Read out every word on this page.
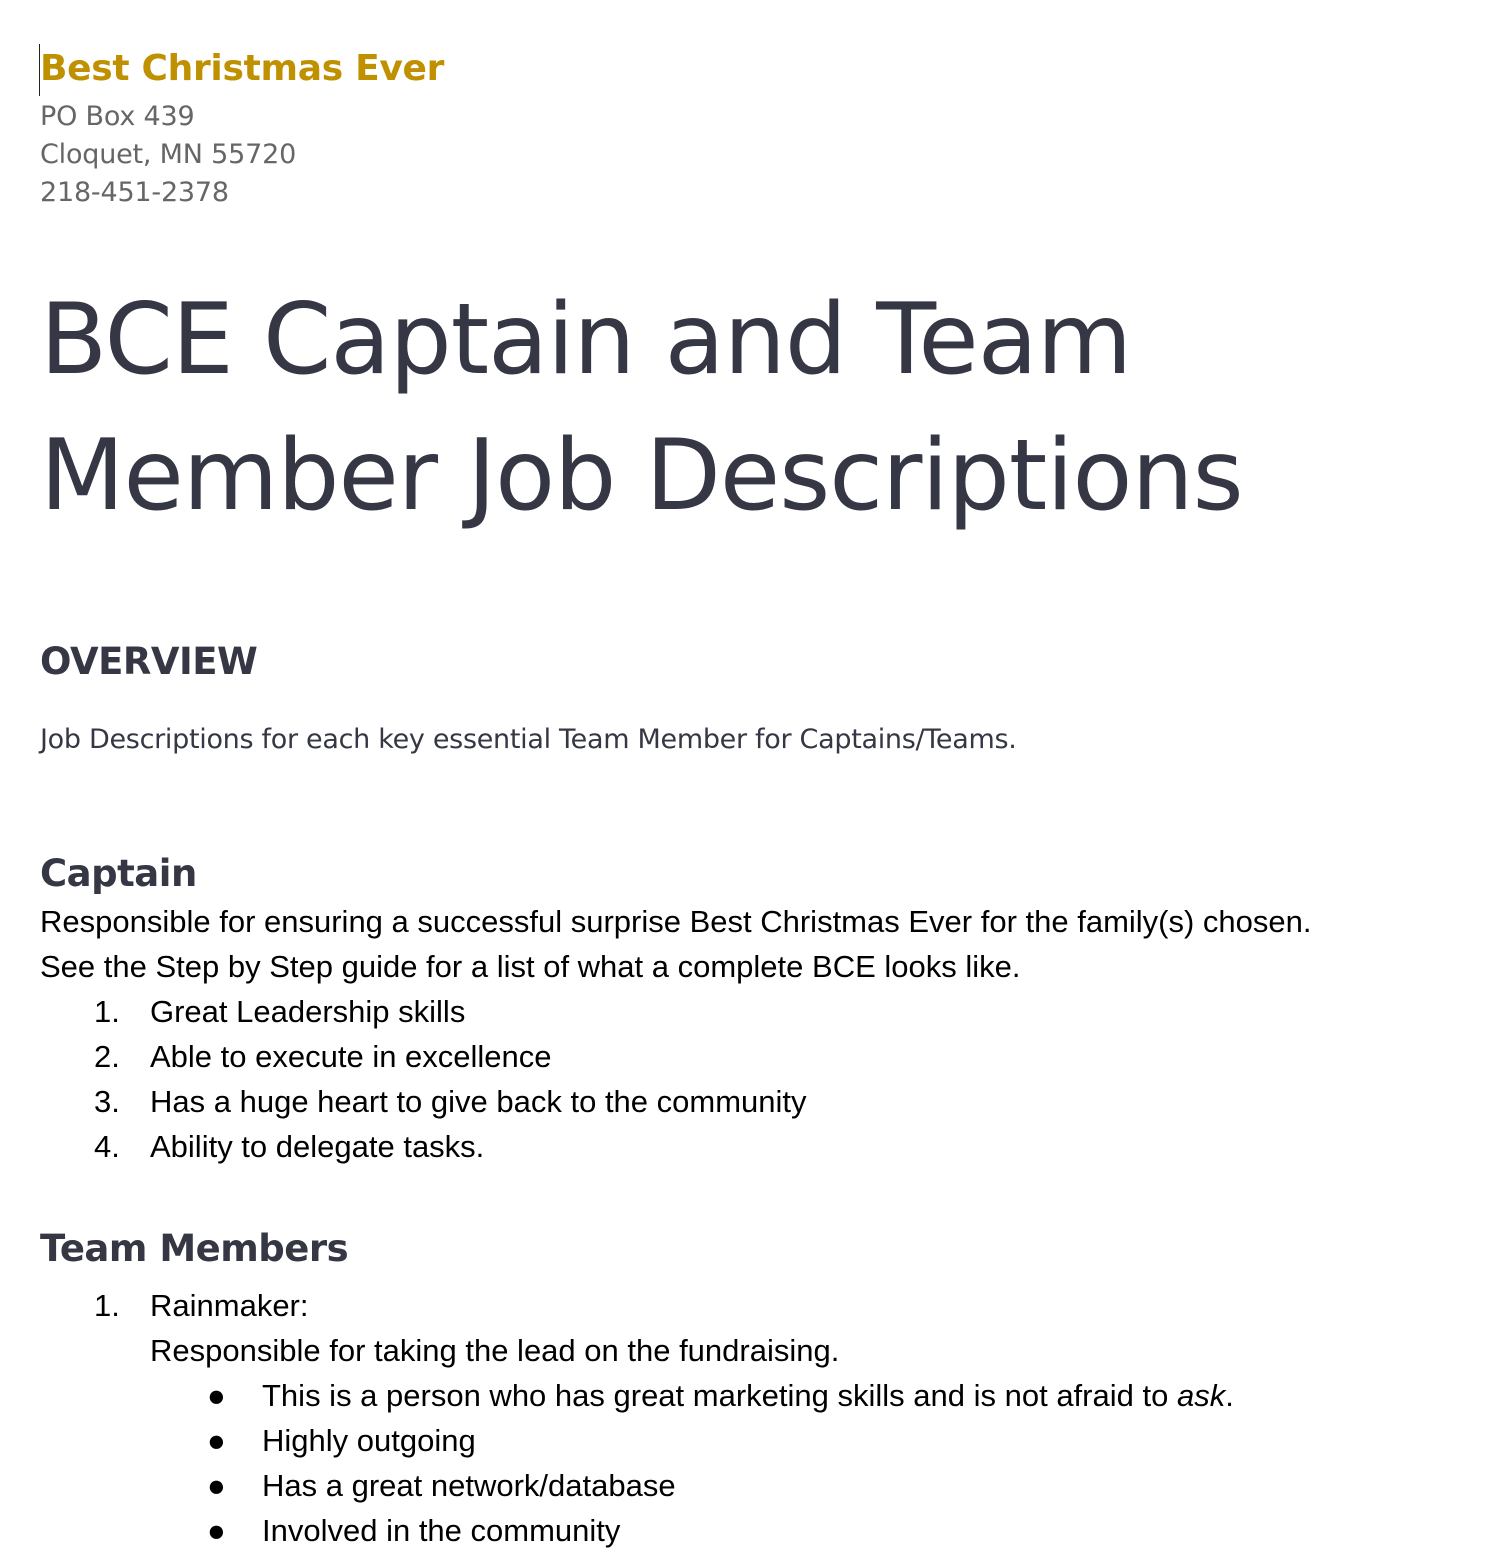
Best Christmas Ever

PO Box 439

Cloquet, MN 55720

218-451-2378

BCE Captain and Team
Member Job Descriptions
OVERVIEW

Job Descriptions for each key essential Team Member for Captains/Teams.

Captain

Responsible for ensuring a successful surprise Best Christmas Ever for the family(s) chosen.

See the Step by Step guide for a list of what a complete BCE looks like.

1. Great Leadership skills
2. Able to execute in excellence
3. Has a huge heart to give back to the community
4. Ability to delegate tasks.
Team Members
1. Rainmaker:
Responsible for taking the lead on the fundraising.
● This is a person who has great marketing skills and is not afraid to ask.
● Highly outgoing
● Has a great network/database
● Involved in the community
